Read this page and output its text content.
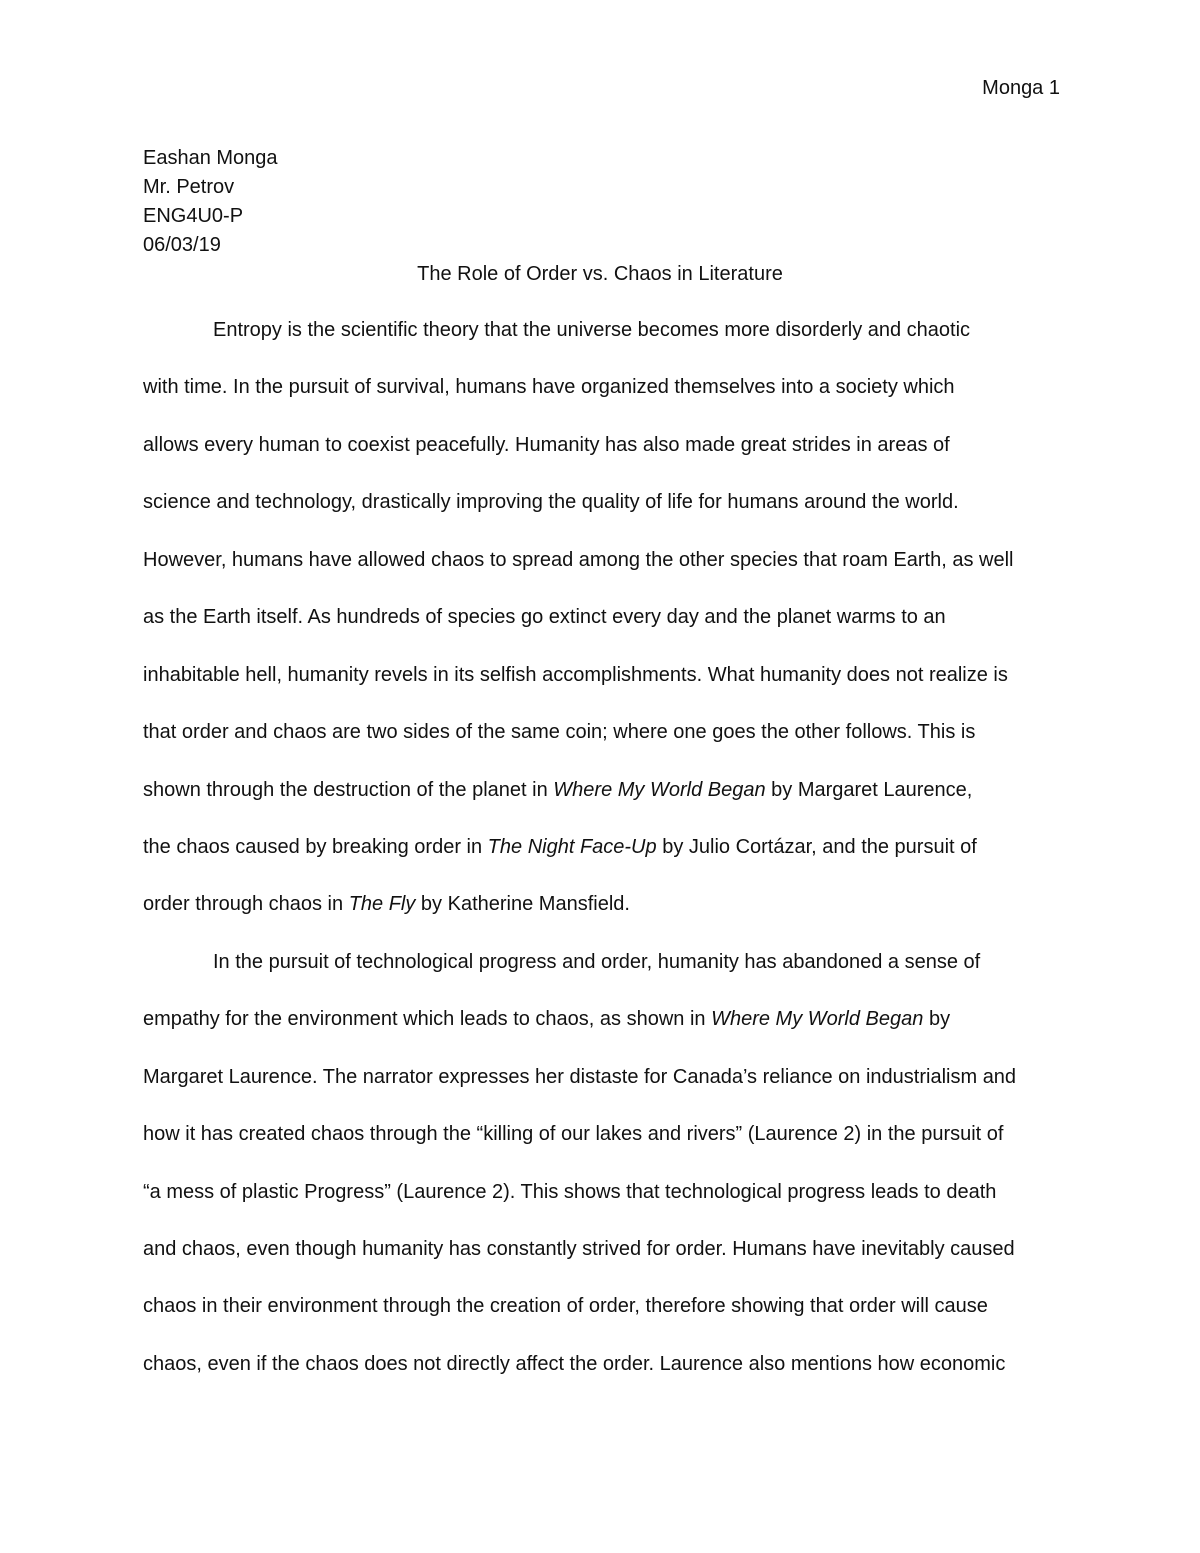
Monga 1
Eashan Monga
Mr. Petrov
ENG4U0-P
06/03/19
The Role of Order vs. Chaos in Literature
Entropy is the scientific theory that the universe becomes more disorderly and chaotic
with time. In the pursuit of survival, humans have organized themselves into a society which
allows every human to coexist peacefully. Humanity has also made great strides in areas of
science and technology, drastically improving the quality of life for humans around the world.
However, humans have allowed chaos to spread among the other species that roam Earth, as well
as the Earth itself. As hundreds of species go extinct every day and the planet warms to an
inhabitable hell, humanity revels in its selfish accomplishments. What humanity does not realize is
that order and chaos are two sides of the same coin; where one goes the other follows. This is
shown through the destruction of the planet in Where My World Began by Margaret Laurence,
the chaos caused by breaking order in The Night Face-Up by Julio Cortázar, and the pursuit of
order through chaos in The Fly by Katherine Mansfield.
In the pursuit of technological progress and order, humanity has abandoned a sense of
empathy for the environment which leads to chaos, as shown in Where My World Began by
Margaret Laurence. The narrator expresses her distaste for Canada’s reliance on industrialism and
how it has created chaos through the “killing of our lakes and rivers” (Laurence 2) in the pursuit of
“a mess of plastic Progress” (Laurence 2). This shows that technological progress leads to death
and chaos, even though humanity has constantly strived for order. Humans have inevitably caused
chaos in their environment through the creation of order, therefore showing that order will cause
chaos, even if the chaos does not directly affect the order. Laurence also mentions how economic
